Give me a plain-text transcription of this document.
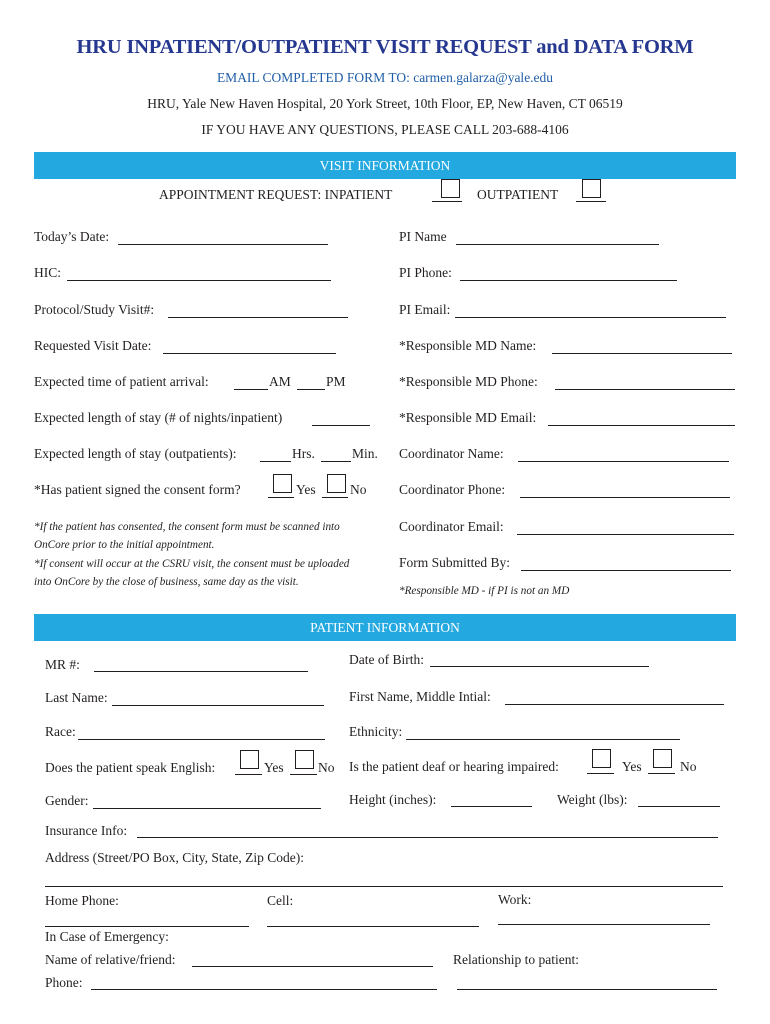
HRU INPATIENT/OUTPATIENT VISIT REQUEST and DATA FORM
EMAIL COMPLETED FORM TO: carmen.galarza@yale.edu
HRU, Yale New Haven Hospital, 20 York Street, 10th Floor, EP, New Haven, CT 06519
IF YOU HAVE ANY QUESTIONS, PLEASE CALL 203-688-4106
VISIT INFORMATION
APPOINTMENT REQUEST: INPATIENT	OUTPATIENT
Today’s Date:
HIC:
Protocol/Study Visit#:
Requested Visit Date:
Expected time of patient arrival:	AM	PM
Expected length of stay (# of nights/inpatient)
Expected length of stay (outpatients):	Hrs.	Min.
*Has patient signed the consent form?	Yes	No
*If the patient has consented, the consent form must be scanned into
OnCore prior to the initial appointment.
*If consent will occur at the CSRU visit, the consent must be uploaded
into OnCore by the close of business, same day as the visit.
PI Name
PI Phone:
PI Email:
*Responsible MD Name:
*Responsible MD Phone:
*Responsible MD Email:
Coordinator Name:
Coordinator Phone:
Coordinator Email:
Form Submitted By:
*Responsible MD - if PI is not an MD
PATIENT INFORMATION
MR #:	Date of Birth:
Last Name:	First Name, Middle Intial:
Race:	Ethnicity:
Does the patient speak English:	Yes	No Is the patient deaf or hearing impaired:	Yes	No
Gender:	Height (inches):	Weight (lbs):
Insurance Info:
Address (Street/PO Box, City, State, Zip Code):
Home Phone:	Cell:	Work:
In Case of Emergency:
Name of relative/friend:	Relationship to patient:
Phone:
